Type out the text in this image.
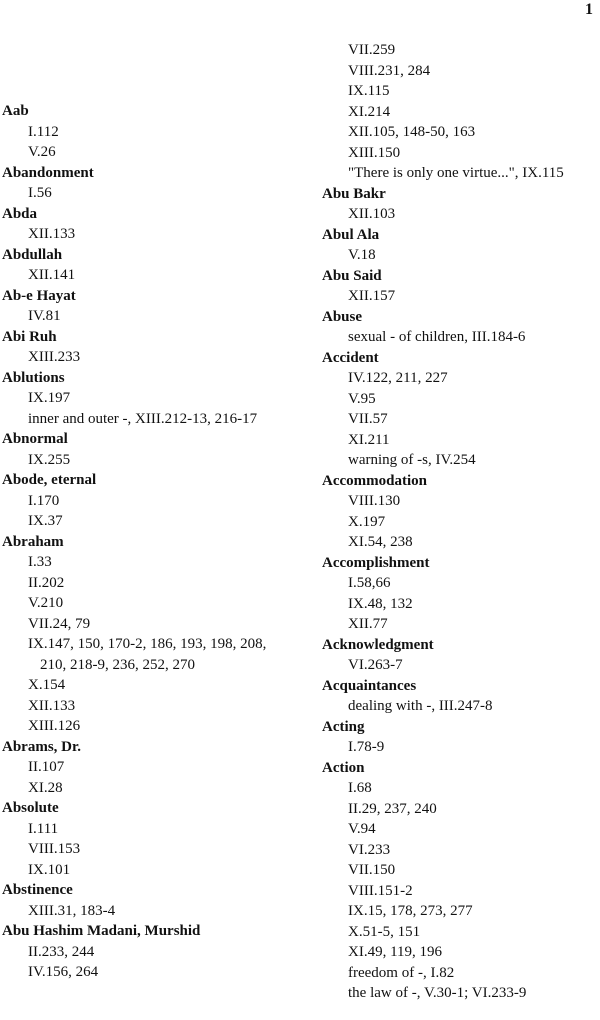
1
Aab
I.112
V.26
Abandonment
I.56
Abda
XII.133
Abdullah
XII.141
Ab-e Hayat
IV.81
Abi Ruh
XIII.233
Ablutions
IX.197
inner and outer -, XIII.212-13, 216-17
Abnormal
IX.255
Abode, eternal
I.170
IX.37
Abraham
I.33
II.202
V.210
VII.24, 79
IX.147, 150, 170-2, 186, 193, 198, 208, 210, 218-9, 236, 252, 270
X.154
XII.133
XIII.126
Abrams, Dr.
II.107
XI.28
Absolute
I.111
VIII.153
IX.101
Abstinence
XIII.31, 183-4
Abu Hashim Madani, Murshid
II.233, 244
IV.156, 264
VII.259
VIII.231, 284
IX.115
XI.214
XII.105, 148-50, 163
XIII.150
"There is only one virtue...", IX.115
Abu Bakr
XII.103
Abul Ala
V.18
Abu Said
XII.157
Abuse
sexual - of children, III.184-6
Accident
IV.122, 211, 227
V.95
VII.57
XI.211
warning of -s, IV.254
Accommodation
VIII.130
X.197
XI.54, 238
Accomplishment
I.58,66
IX.48, 132
XII.77
Acknowledgment
VI.263-7
Acquaintances
dealing with -, III.247-8
Acting
I.78-9
Action
I.68
II.29, 237, 240
V.94
VI.233
VII.150
VIII.151-2
IX.15, 178, 273, 277
X.51-5, 151
XI.49, 119, 196
freedom of -, I.82
the law of -, V.30-1; VI.233-9
